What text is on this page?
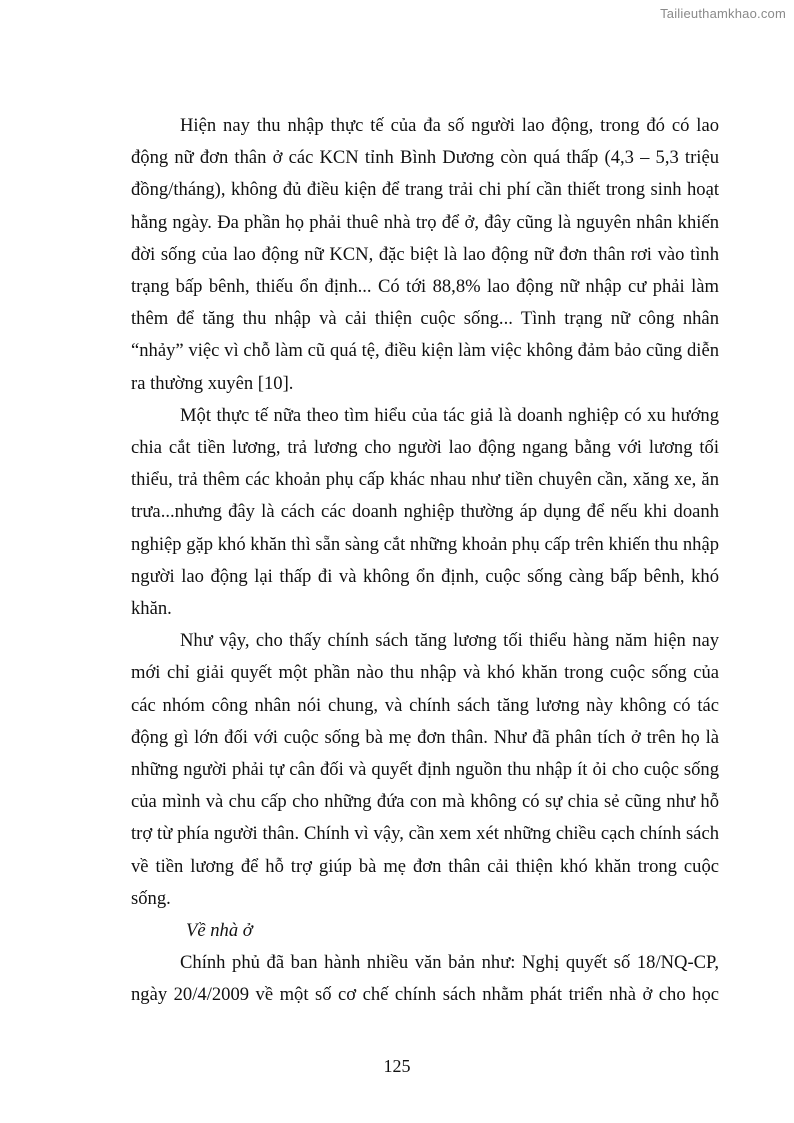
Tailieuthamkhao.com

Hiện nay thu nhập thực tế của đa số người lao động, trong đó có lao động nữ đơn thân ở các KCN tỉnh Bình Dương còn quá thấp (4,3 – 5,3 triệu đồng/tháng), không đủ điều kiện để trang trải chi phí cần thiết trong sinh hoạt hằng ngày. Đa phần họ phải thuê nhà trọ để ở, đây cũng là nguyên nhân khiến đời sống của lao động nữ KCN, đặc biệt là lao động nữ đơn thân rơi vào tình trạng bấp bênh, thiếu ổn định... Có tới 88,8% lao động nữ nhập cư phải làm thêm để tăng thu nhập và cải thiện cuộc sống... Tình trạng nữ công nhân “nhảy” việc vì chỗ làm cũ quá tệ, điều kiện làm việc không đảm bảo cũng diễn ra thường xuyên [10].

Một thực tế nữa theo tìm hiểu của tác giả là doanh nghiệp có xu hướng chia cắt tiền lương, trả lương cho người lao động ngang bằng với lương tối thiểu, trả thêm các khoản phụ cấp khác nhau như tiền chuyên cần, xăng xe, ăn trưa...nhưng đây là cách các doanh nghiệp thường áp dụng để nếu khi doanh nghiệp gặp khó khăn thì sẵn sàng cắt những khoản phụ cấp trên khiến thu nhập người lao động lại thấp đi và không ổn định, cuộc sống càng bấp bênh, khó khăn.

Như vậy, cho thấy chính sách tăng lương tối thiểu hàng năm hiện nay mới chỉ giải quyết một phần nào thu nhập và khó khăn trong cuộc sống của các nhóm công nhân nói chung, và chính sách tăng lương này không có tác động gì lớn đối với cuộc sống bà mẹ đơn thân. Như đã phân tích ở trên họ là những người phải tự cân đối và quyết định nguồn thu nhập ít ỏi cho cuộc sống của mình và chu cấp cho những đứa con mà không có sự chia sẻ cũng như hỗ trợ từ phía người thân. Chính vì vậy, cần xem xét những chiều cạch chính sách về tiền lương để hỗ trợ giúp bà mẹ đơn thân cải thiện khó khăn trong cuộc sống.

Về nhà ở

Chính phủ đã ban hành nhiều văn bản như: Nghị quyết số 18/NQ-CP, ngày 20/4/2009 về một số cơ chế chính sách nhằm phát triển nhà ở cho học

125
